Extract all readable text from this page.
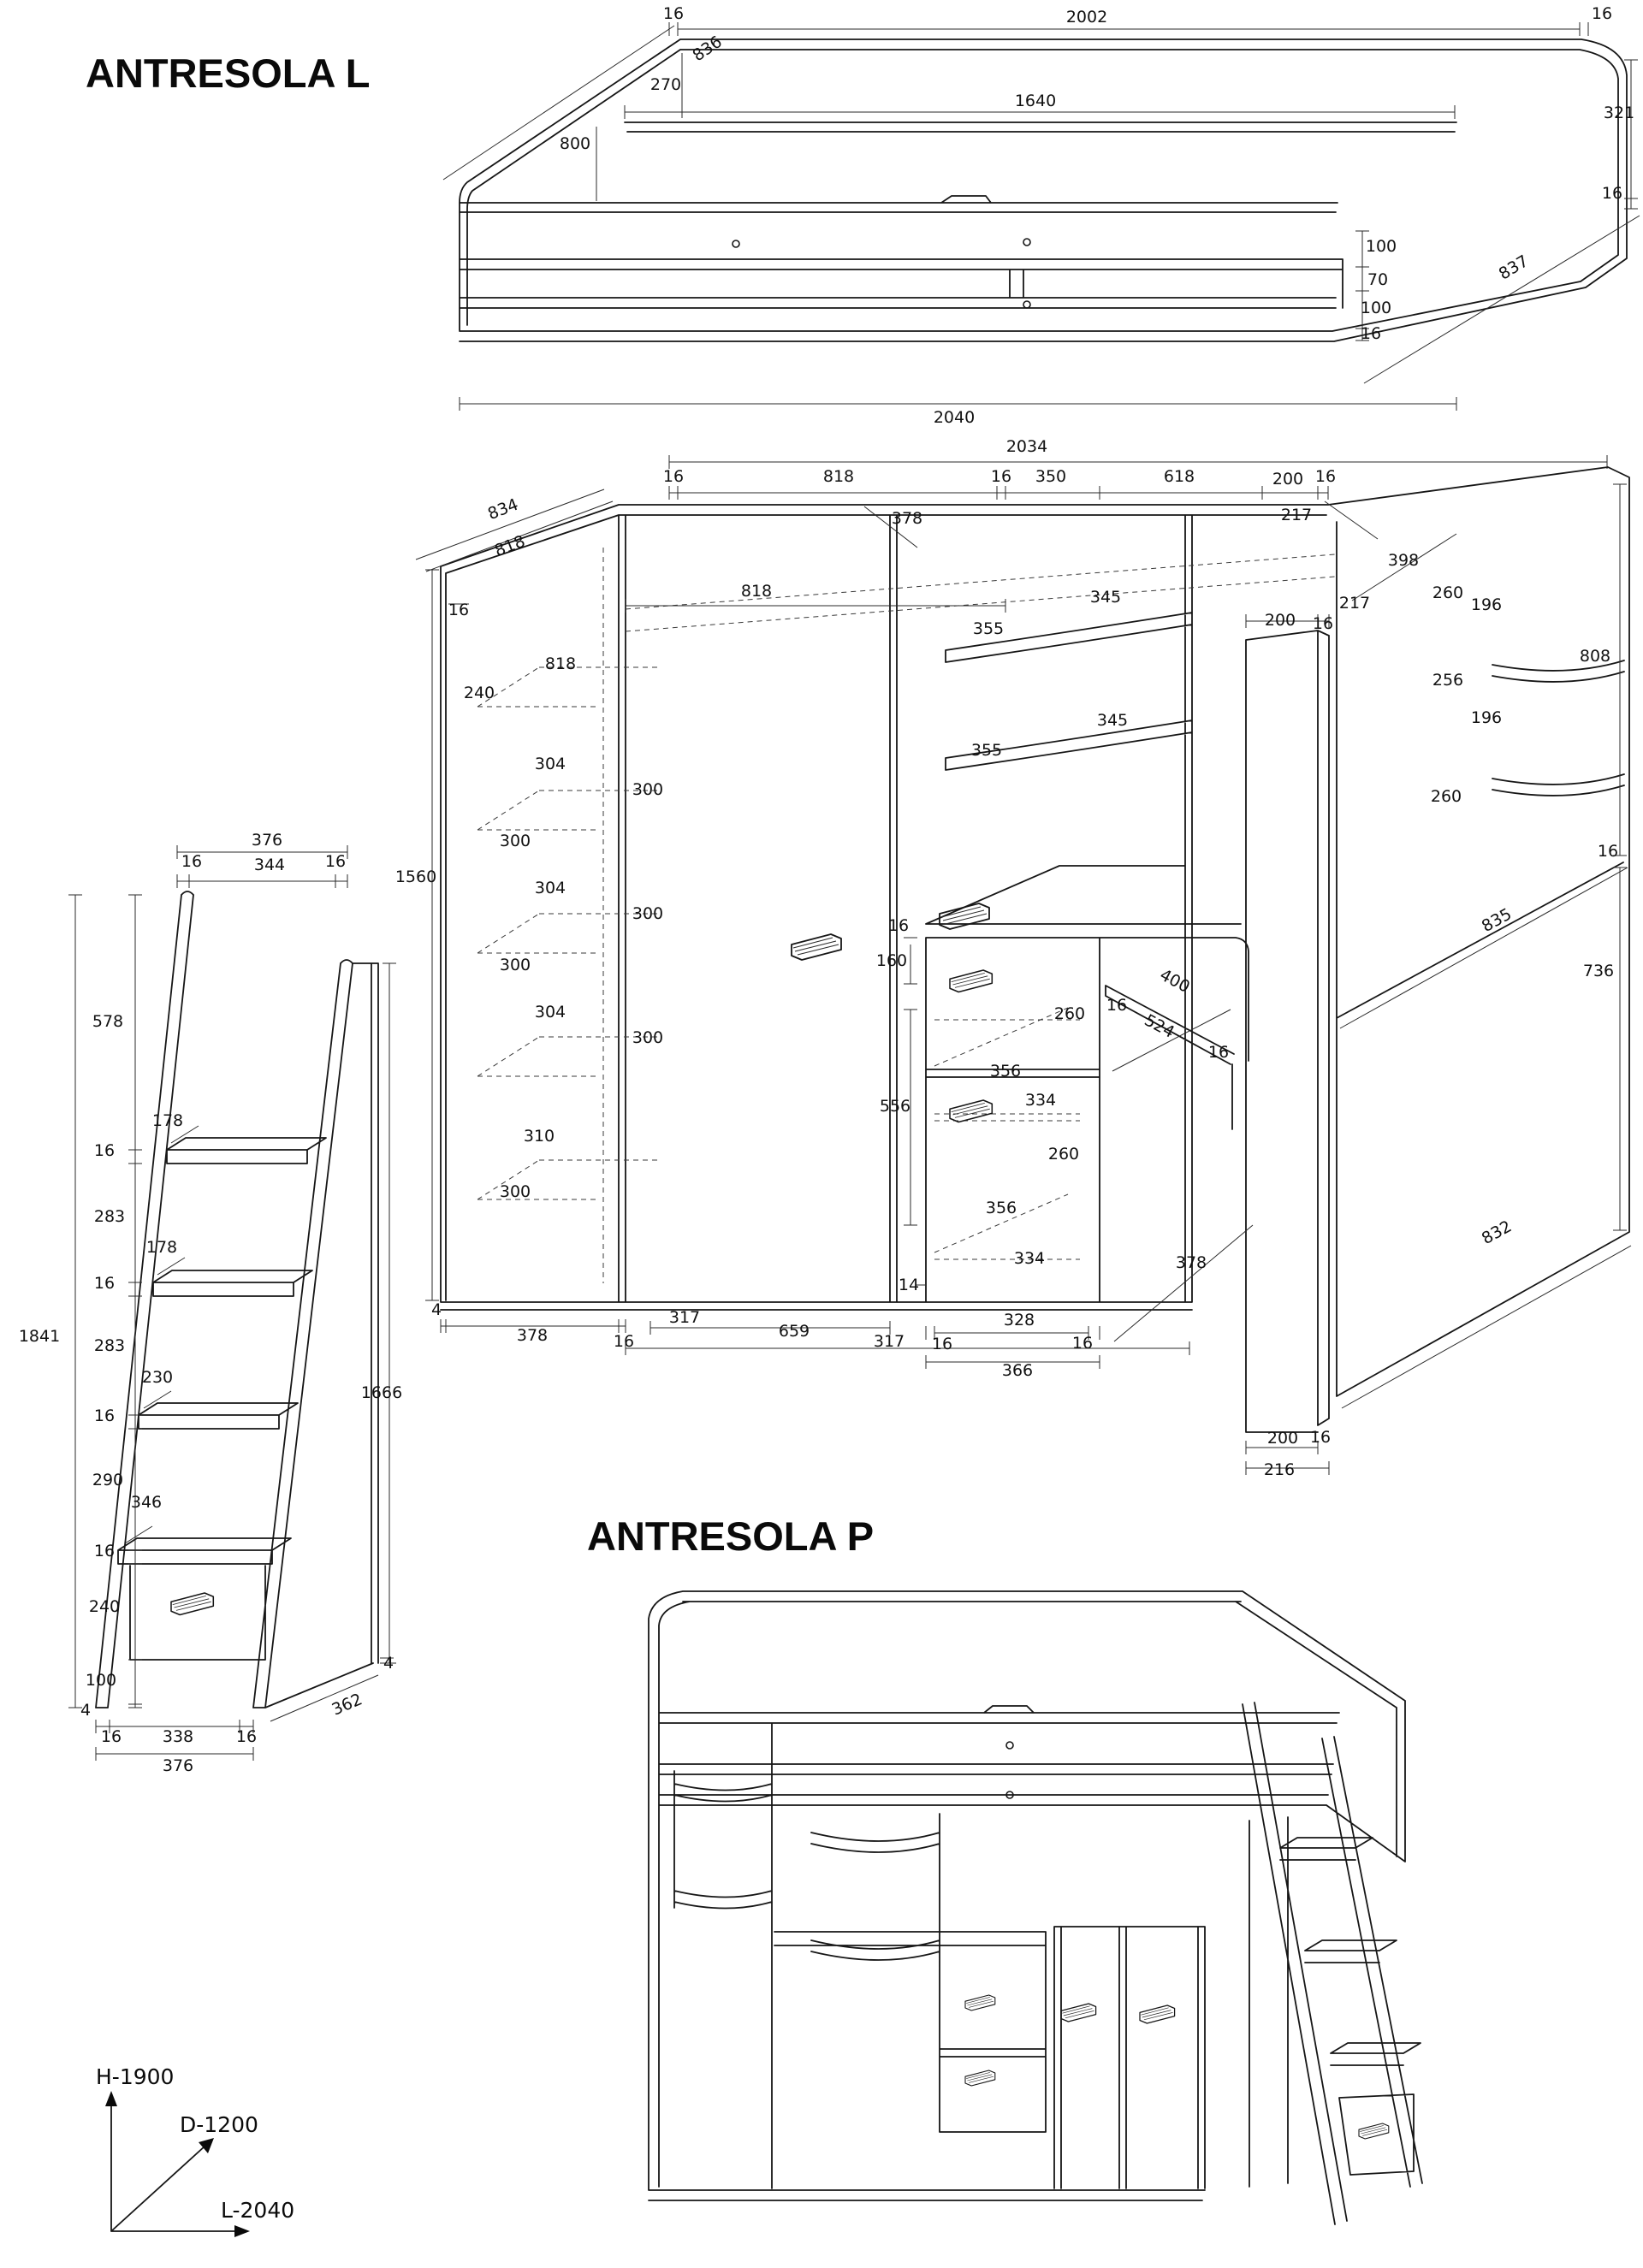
ANTRESOLA L
ANTRESOLA P
16	2002	16
836
270
1640
321
800
16
100
70
100
16
837
2040
2034
16	818	16 350	618	200 16
378	217
834
818
16
818
818
240
304
300
300
1560
304
300
300
304
300
310
300
345
355
345
355
398
217
260
196
200 16
256
196
808
260
16
835
736
16
160
260
356
334
556
400
16
524
16
260
356
334
14
832
4
378	16
317
659
317 16
328
16
366
378
200 16
216
376
16	344 16
578
16
283
16
283
16
290
16
240
100
4
1841
178
178
230
346
1666
4
362
16	338	16
376
H-1900
D-1200
L-2040
